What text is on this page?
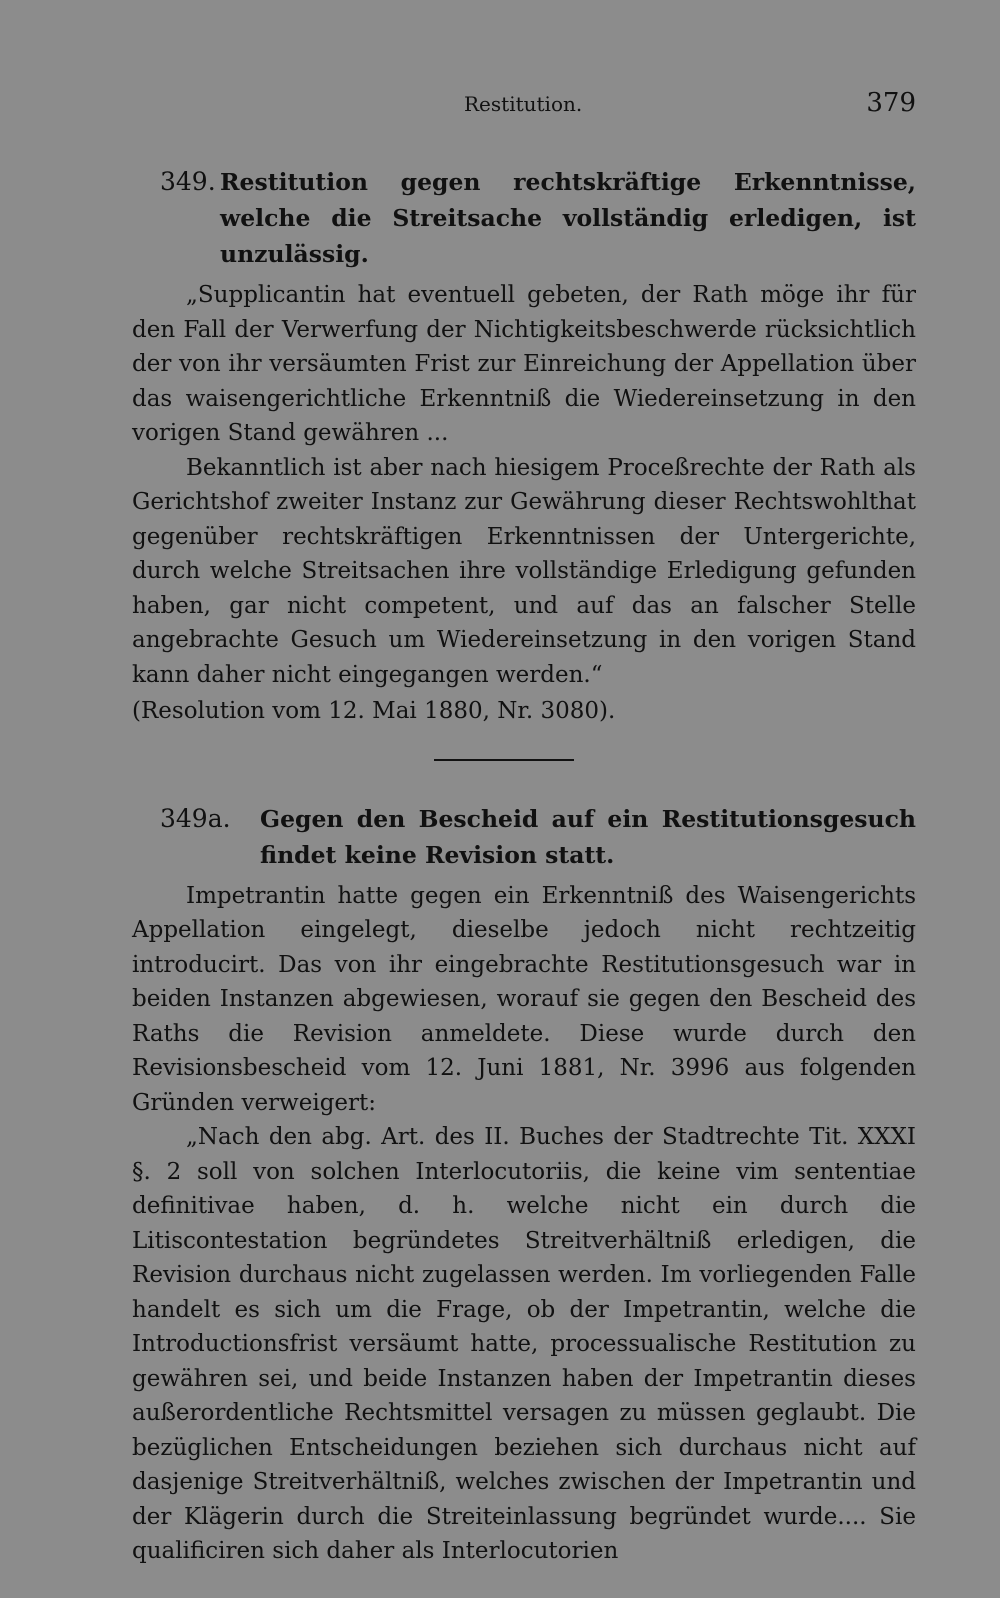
Restitution.	379
349. Restitution gegen rechtskräftige Erkenntnisse, welche die Streitsache vollständig erledigen, ist unzulässig.

„Supplicantin hat eventuell gebeten, der Rath möge ihr für den Fall der Verwerfung der Nichtigkeitsbeschwerde rücksichtlich der von ihr versäumten Frist zur Einreichung der Appellation über das waisengerichtliche Erkenntniß die Wiedereinsetzung in den vorigen Stand gewähren ...

Bekanntlich ist aber nach hiesigem Proceßrechte der Rath als Gerichtshof zweiter Instanz zur Gewährung dieser Rechtswohlthat gegenüber rechtskräftigen Erkenntnissen der Untergerichte, durch welche Streitsachen ihre vollständige Erledigung gefunden haben, gar nicht competent, und auf das an falscher Stelle angebrachte Gesuch um Wiedereinsetzung in den vorigen Stand kann daher nicht eingegangen werden.“

(Resolution vom 12. Mai 1880, Nr. 3080).

349a.	Gegen den Bescheid auf ein Restitutionsgesuch findet keine Revision statt.

Impetrantin hatte gegen ein Erkenntniß des Waisengerichts Appellation eingelegt, dieselbe jedoch nicht rechtzeitig introducirt. Das von ihr eingebrachte Restitutionsgesuch war in beiden Instanzen abgewiesen, worauf sie gegen den Bescheid des Raths die Revision anmeldete. Diese wurde durch den Revisionsbescheid vom 12. Juni 1881, Nr. 3996 aus folgenden Gründen verweigert:

„Nach den abg. Art. des II. Buches der Stadtrechte Tit. XXXI §. 2 soll von solchen Interlocutoriis, die keine vim sententiae definitivae haben, d. h. welche nicht ein durch die Litiscontestation begründetes Streitverhältniß erledigen, die Revision durchaus nicht zugelassen werden. Im vorliegenden Falle handelt es sich um die Frage, ob der Impetrantin, welche die Introductionsfrist versäumt hatte, processualische Restitution zu gewähren sei, und beide Instanzen haben der Impetrantin dieses außerordentliche Rechtsmittel versagen zu müssen geglaubt. Die bezüglichen Entscheidungen beziehen sich durchaus nicht auf dasjenige Streitverhältniß, welches zwischen der Impetrantin und der Klägerin durch die Streiteinlassung begründet wurde.... Sie qualificiren sich daher als Interlocutorien
